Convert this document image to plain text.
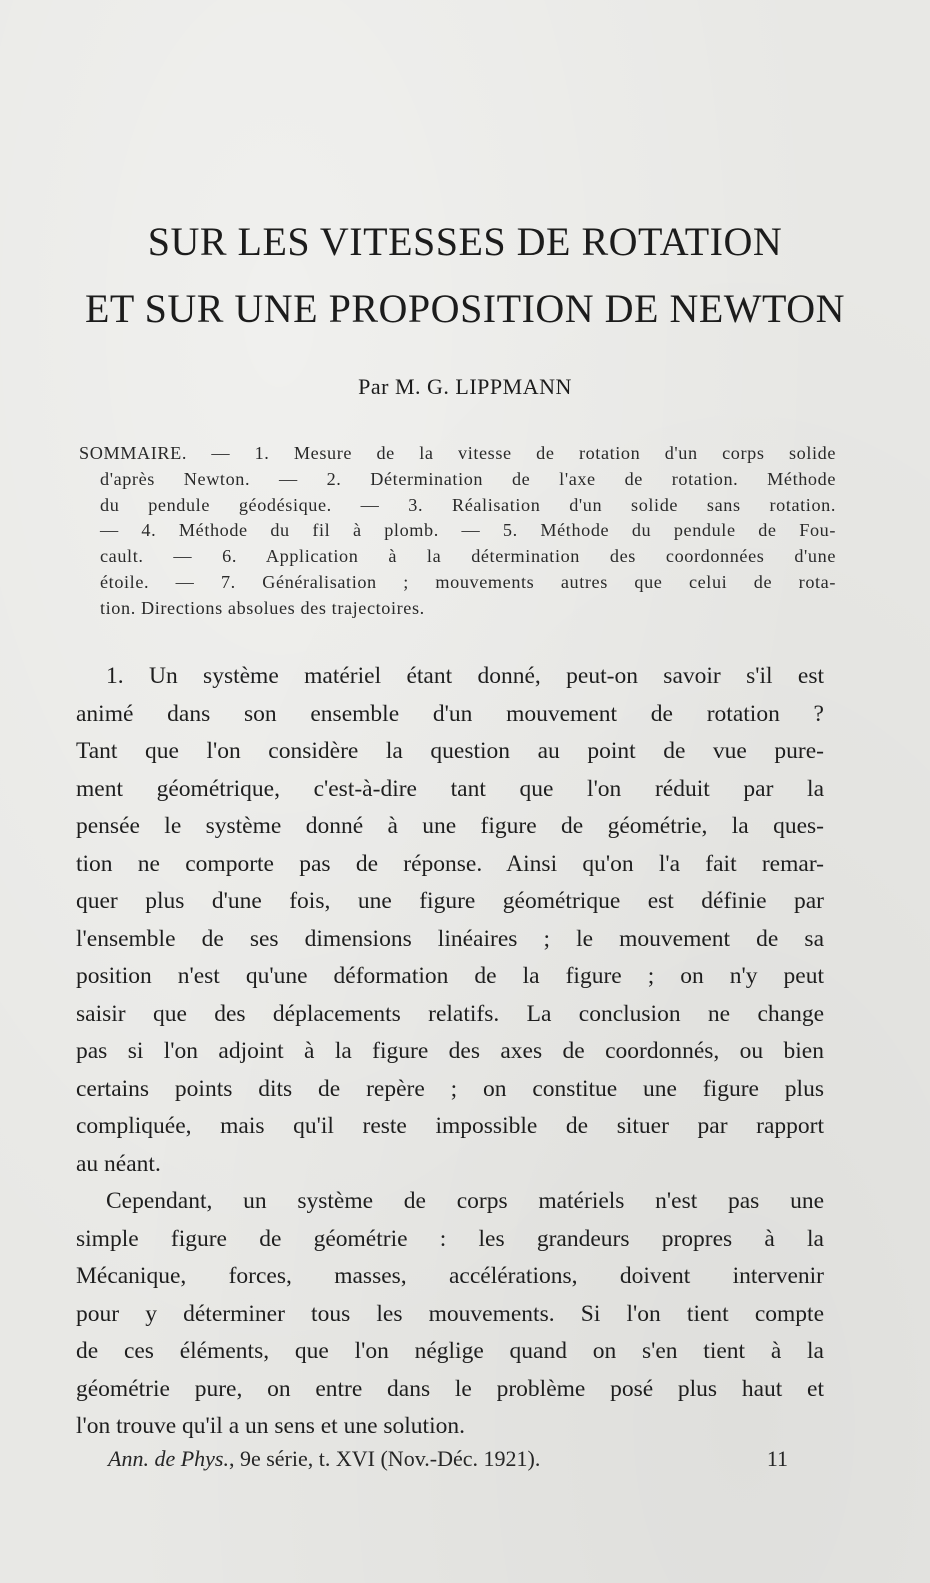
SUR LES VITESSES DE ROTATION
ET SUR UNE PROPOSITION DE NEWTON
Par M. G. LIPPMANN
SOMMAIRE. — 1. Mesure de la vitesse de rotation d'un corps solide
d'après Newton. — 2. Détermination de l'axe de rotation. Méthode
du pendule géodésique. — 3. Réalisation d'un solide sans rotation.
— 4. Méthode du fil à plomb. — 5. Méthode du pendule de Fou-
cault. — 6. Application à la détermination des coordonnées d'une
étoile. — 7. Généralisation ; mouvements autres que celui de rota-
tion. Directions absolues des trajectoires.
1. Un système matériel étant donné, peut-on savoir s'il est
animé dans son ensemble d'un mouvement de rotation ?
Tant que l'on considère la question au point de vue pure-
ment géométrique, c'est-à-dire tant que l'on réduit par la
pensée le système donné à une figure de géométrie, la ques-
tion ne comporte pas de réponse. Ainsi qu'on l'a fait remar-
quer plus d'une fois, une figure géométrique est définie par
l'ensemble de ses dimensions linéaires ; le mouvement de sa
position n'est qu'une déformation de la figure ; on n'y peut
saisir que des déplacements relatifs. La conclusion ne change
pas si l'on adjoint à la figure des axes de coordonnés, ou bien
certains points dits de repère ; on constitue une figure plus
compliquée, mais qu'il reste impossible de situer par rapport
au néant.
Cependant, un système de corps matériels n'est pas une
simple figure de géométrie : les grandeurs propres à la
Mécanique, forces, masses, accélérations, doivent intervenir
pour y déterminer tous les mouvements. Si l'on tient compte
de ces éléments, que l'on néglige quand on s'en tient à la
géométrie pure, on entre dans le problème posé plus haut et
l'on trouve qu'il a un sens et une solution.
Ann. de Phys., 9e série, t. XVI (Nov.-Déc. 1921).	11
